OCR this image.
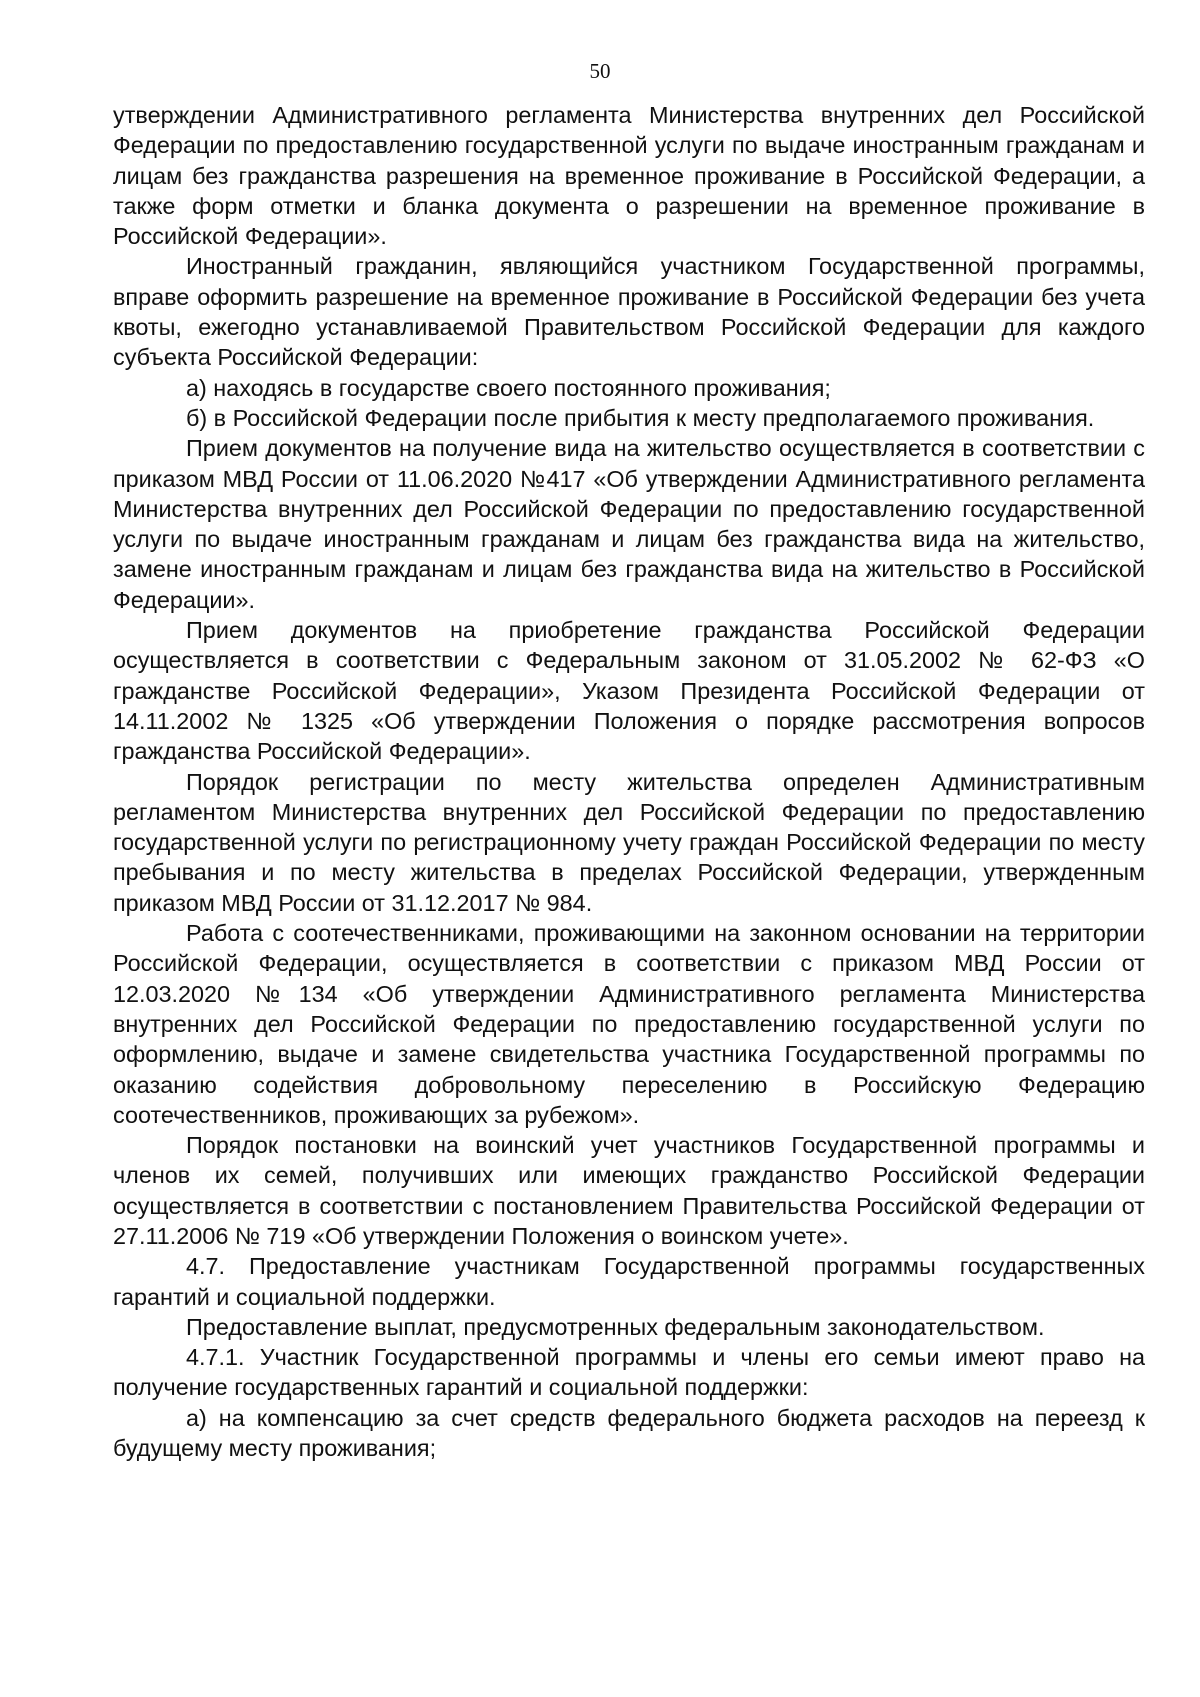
50

утверждении Административного регламента Министерства внутренних дел Российской Федерации по предоставлению государственной услуги по выдаче иностранным гражданам и лицам без гражданства разрешения на временное проживание в Российской Федерации, а также форм отметки и бланка документа о разрешении на временное проживание в Российской Федерации».

Иностранный гражданин, являющийся участником Государственной программы, вправе оформить разрешение на временное проживание в Российской Федерации без учета квоты, ежегодно устанавливаемой Правительством Российской Федерации для каждого субъекта Российской Федерации:

а) находясь в государстве своего постоянного проживания;

б) в Российской Федерации после прибытия к месту предполагаемого проживания.

Прием документов на получение вида на жительство осуществляется в соответствии с приказом МВД России от 11.06.2020 №417 «Об утверждении Административного регламента Министерства внутренних дел Российской Федерации по предоставлению государственной услуги по выдаче иностранным гражданам и лицам без гражданства вида на жительство, замене иностранным гражданам и лицам без гражданства вида на жительство в Российской Федерации».

Прием документов на приобретение гражданства Российской Федерации осуществляется в соответствии с Федеральным законом от 31.05.2002 № 62-ФЗ «О гражданстве Российской Федерации», Указом Президента Российской Федерации от 14.11.2002 № 1325 «Об утверждении Положения о порядке рассмотрения вопросов гражданства Российской Федерации».

Порядок регистрации по месту жительства определен Административным регламентом Министерства внутренних дел Российской Федерации по предоставлению государственной услуги по регистрационному учету граждан Российской Федерации по месту пребывания и по месту жительства в пределах Российской Федерации, утвержденным приказом МВД России от 31.12.2017 № 984.

Работа с соотечественниками, проживающими на законном основании на территории Российской Федерации, осуществляется в соответствии с приказом МВД России от 12.03.2020 №134 «Об утверждении Административного регламента Министерства внутренних дел Российской Федерации по предоставлению государственной услуги по оформлению, выдаче и замене свидетельства участника Государственной программы по оказанию содействия добровольному переселению в Российскую Федерацию соотечественников, проживающих за рубежом».

Порядок постановки на воинский учет участников Государственной программы и членов их семей, получивших или имеющих гражданство Российской Федерации осуществляется в соответствии с постановлением Правительства Российской Федерации от 27.11.2006 № 719 «Об утверждении Положения о воинском учете».

4.7. Предоставление участникам Государственной программы государственных гарантий и социальной поддержки.

Предоставление выплат, предусмотренных федеральным законодательством.

4.7.1. Участник Государственной программы и члены его семьи имеют право на получение государственных гарантий и социальной поддержки:

а) на компенсацию за счет средств федерального бюджета расходов на переезд к будущему месту проживания;
